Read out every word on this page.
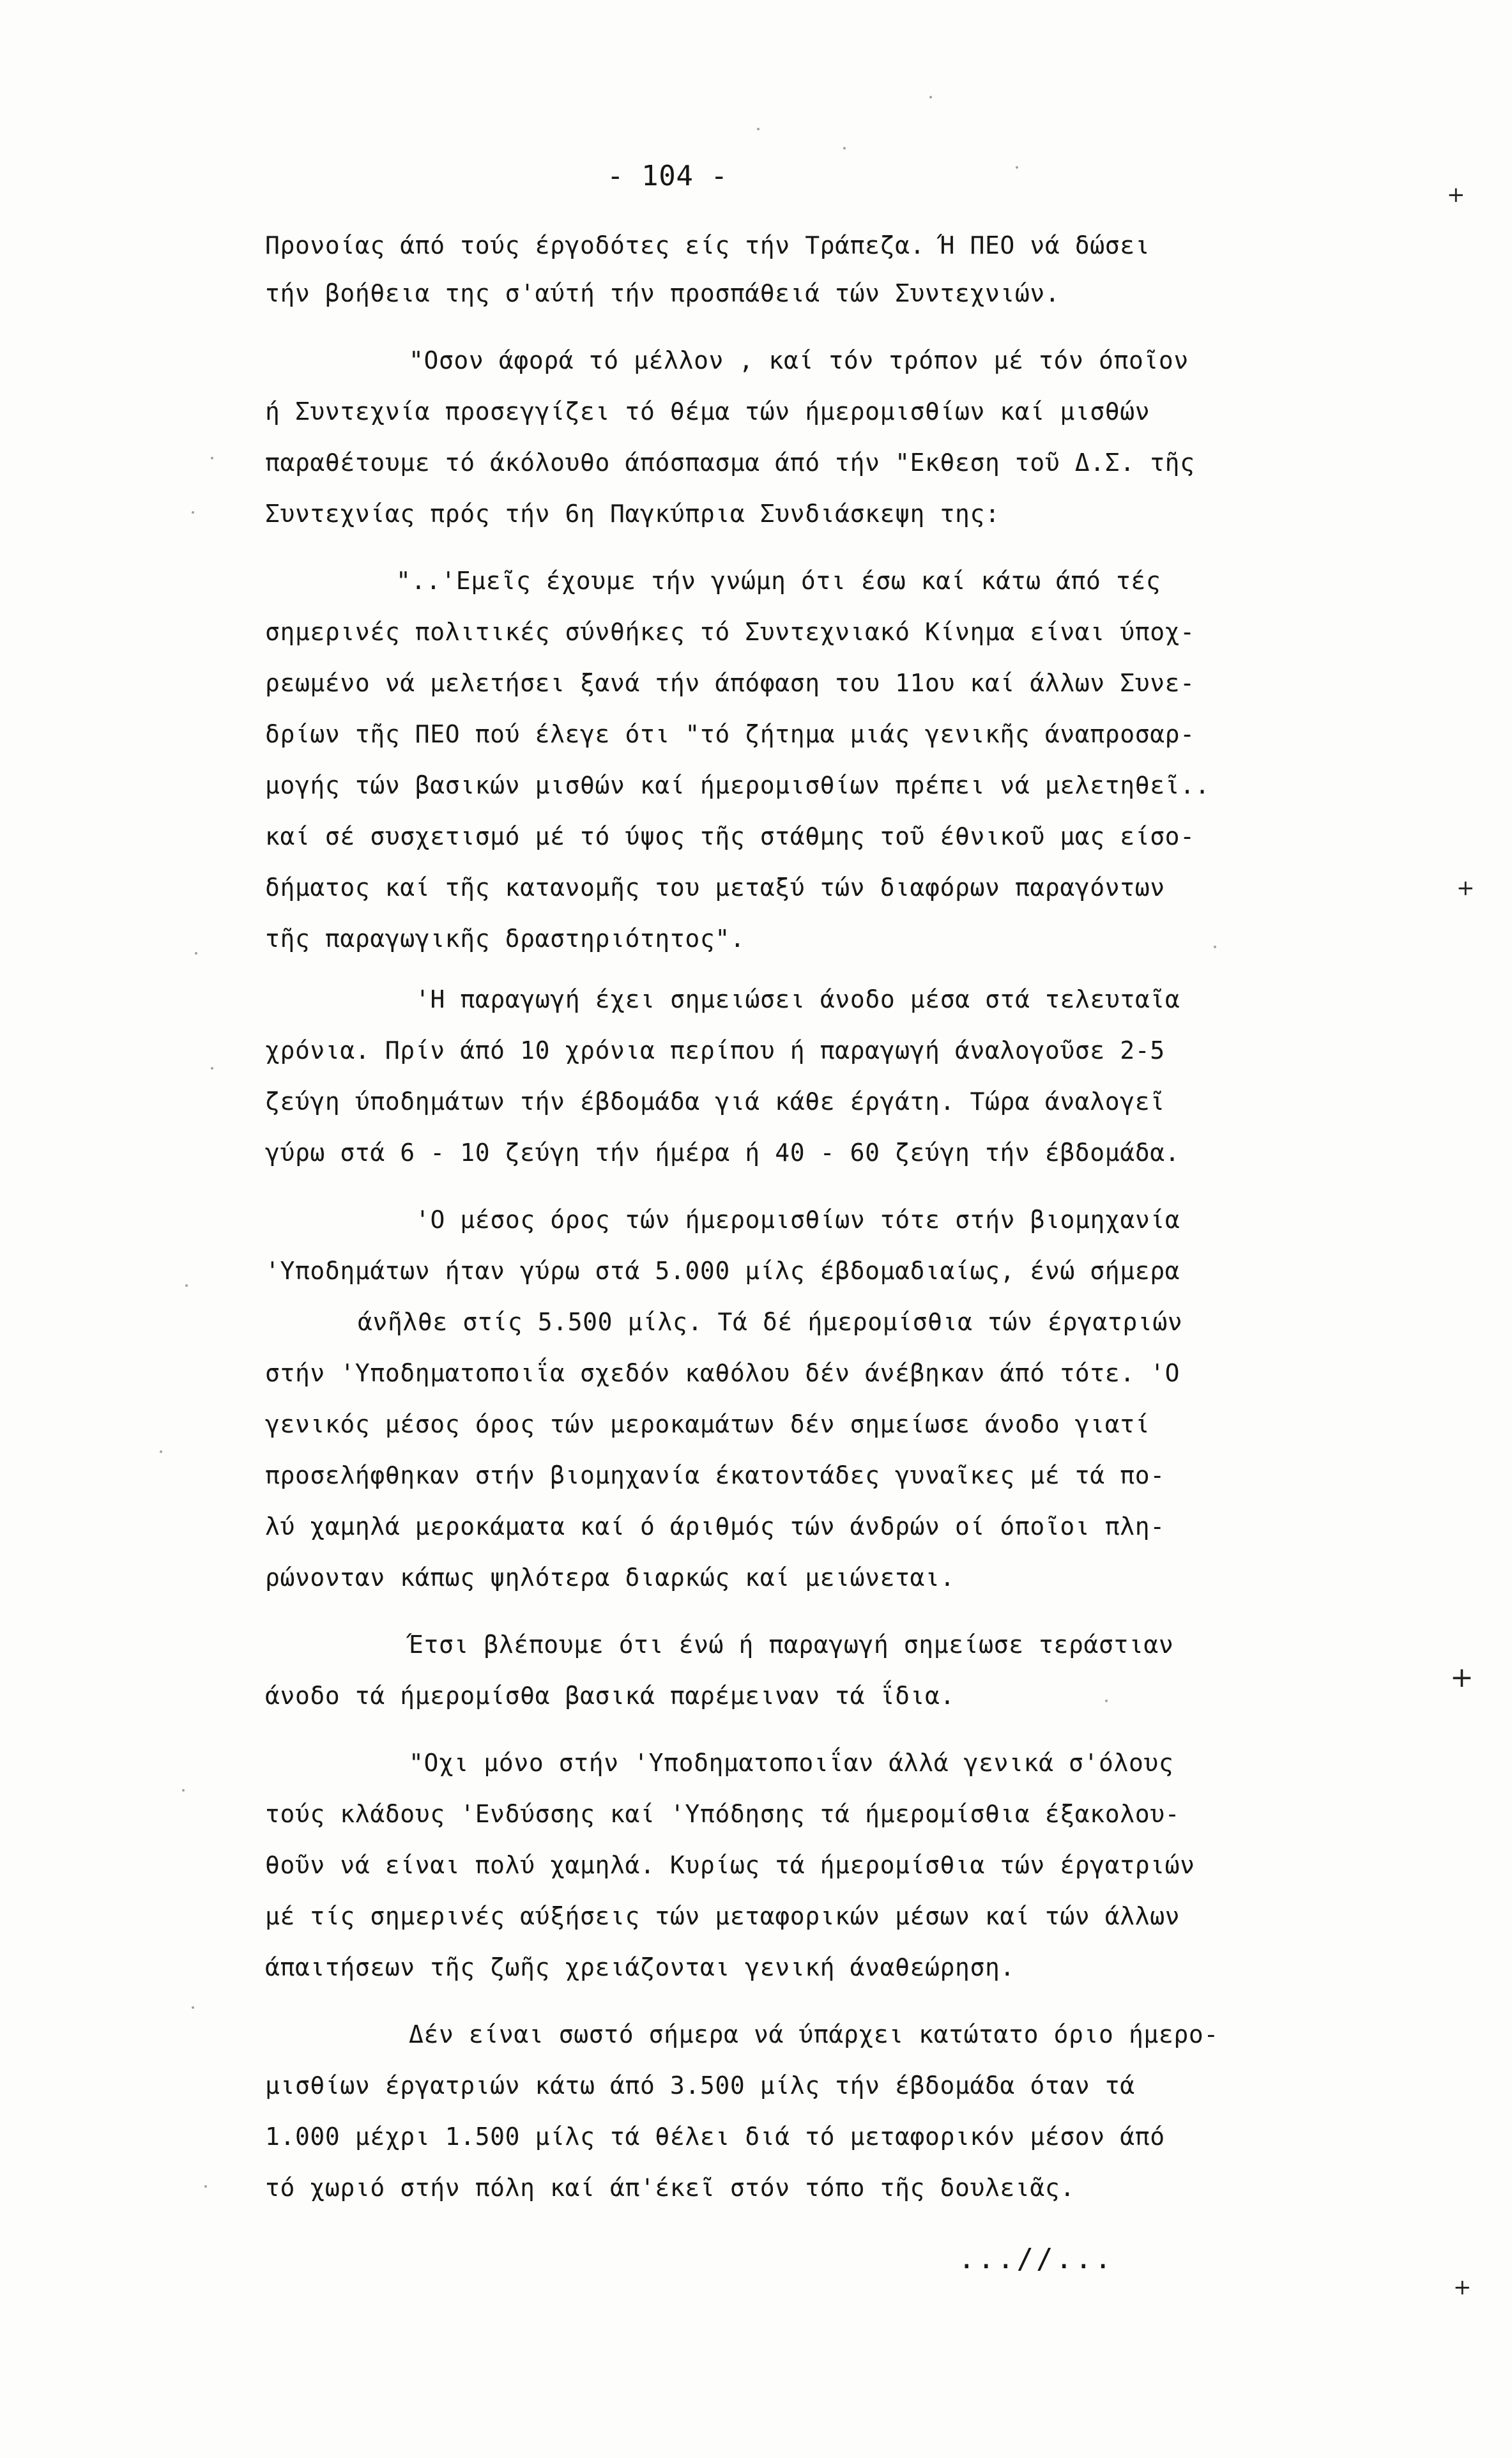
- 104 -
Προνοίας άπό τούς έργοδότες είς τήν Τράπεζα. Ή ΠΕΟ νά δώσει
τήν βοήθεια της σ'αύτή τήν προσπάθειά τών Συντεχνιών.
"Οσον άφορά τό μέλλον , καί τόν τρόπον μέ τόν όποῖον
ή Συντεχνία προσεγγίζει τό θέμα τών ήμερομισθίων καί μισθών
παραθέτουμε τό άκόλουθο άπόσπασμα άπό τήν "Εκθεση τοῦ Δ.Σ. τῆς
Συντεχνίας πρός τήν 6η Παγκύπρια Συνδιάσκεψη της:
"..'Εμεῖς έχουμε τήν γνώμη ότι έσω καί κάτω άπό τές
σημερινές πολιτικές σύνθήκες τό Συντεχνιακό Κίνημα είναι ύποχ-
ρεωμένο νά μελετήσει ξανά τήν άπόφαση του 11ου καί άλλων Συνε-
δρίων τῆς ΠΕΟ πού έλεγε ότι "τό ζήτημα μιάς γενικῆς άναπροσαρ-
μογής τών βασικών μισθών καί ήμερομισθίων πρέπει νά μελετηθεῖ..
καί σέ συσχετισμό μέ τό ύψος τῆς στάθμης τοῦ έθνικοῦ μας είσο-
δήματος καί τῆς κατανομῆς του μεταξύ τών διαφόρων παραγόντων
τῆς παραγωγικῆς δραστηριότητος".
'Η παραγωγή έχει σημειώσει άνοδο μέσα στά τελευταῖα
χρόνια. Πρίν άπό 10 χρόνια περίπου ή παραγωγή άναλογοῦσε 2-5
ζεύγη ύποδημάτων τήν έβδομάδα γιά κάθε έργάτη. Τώρα άναλογεῖ
γύρω στά 6 - 10 ζεύγη τήν ήμέρα ή 40 - 60 ζεύγη τήν έβδομάδα.
'Ο μέσος όρος τών ήμερομισθίων τότε στήν βιομηχανία
'Υποδημάτων ήταν γύρω στά 5.000 μίλς έβδομαδιαίως, ένώ σήμερα
άνῆλθε στίς 5.500 μίλς. Τά δέ ήμερομίσθια τών έργατριών
στήν 'Υποδηματοποιΐα σχεδόν καθόλου δέν άνέβηκαν άπό τότε. 'Ο
γενικός μέσος όρος τών μεροκαμάτων δέν σημείωσε άνοδο γιατί
προσελήφθηκαν στήν βιομηχανία έκατοντάδες γυναῖκες μέ τά πο-
λύ χαμηλά μεροκάματα καί ό άριθμός τών άνδρών οί όποῖοι πλη-
ρώνονταν κάπως ψηλότερα διαρκώς καί μειώνεται.
Έτσι βλέπουμε ότι ένώ ή παραγωγή σημείωσε τεράστιαν
άνοδο τά ήμερομίσθα βασικά παρέμειναν τά ΐδια.
"Οχι μόνο στήν 'Υποδηματοποιΐαν άλλά γενικά σ'όλους
τούς κλάδους 'Ενδύσσης καί 'Υπόδησης τά ήμερομίσθια έξακολου-
θοῦν νά είναι πολύ χαμηλά. Κυρίως τά ήμερομίσθια τών έργατριών
μέ τίς σημερινές αύξήσεις τών μεταφορικών μέσων καί τών άλλων
άπαιτήσεων τῆς ζωῆς χρειάζονται γενική άναθεώρηση.
Δέν είναι σωστό σήμερα νά ύπάρχει κατώτατο όριο ήμερο-
μισθίων έργατριών κάτω άπό 3.500 μίλς τήν έβδομάδα όταν τά
1.000 μέχρι 1.500 μίλς τά θέλει διά τό μεταφορικόν μέσον άπό
τό χωριό στήν πόλη καί άπ'έκεῖ στόν τόπο τῆς δουλειᾶς.
...//...
+
+
+
+
